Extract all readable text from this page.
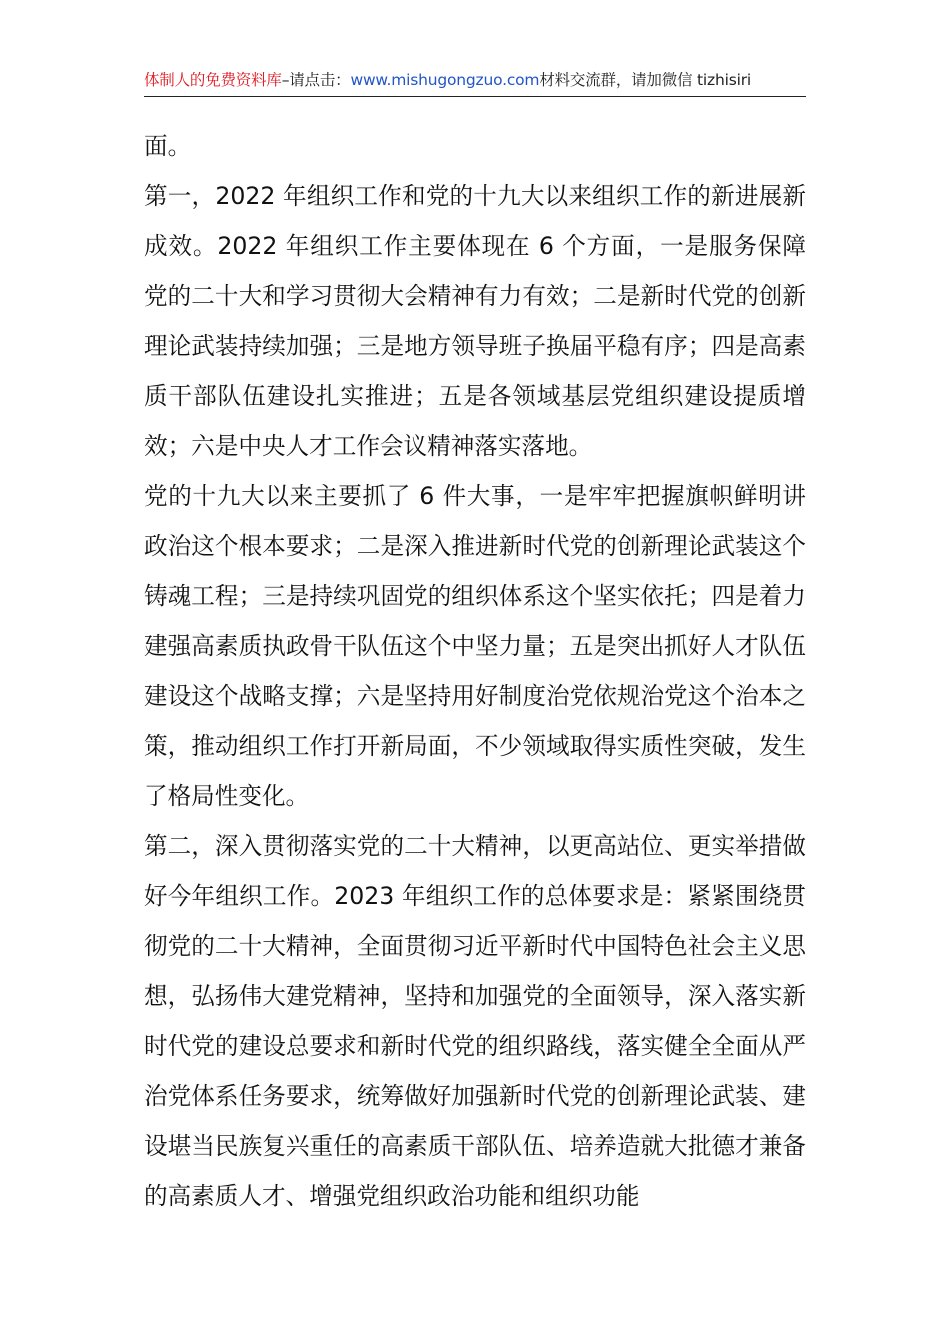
体制人的免费资料库–请点击：www.mishugongzuo.com材料交流群，请加微信 tizhisiri

面。

第一，2022 年组织工作和党的十九大以来组织工作的新进展新成效。2022 年组织工作主要体现在 6 个方面，一是服务保障党的二十大和学习贯彻大会精神有力有效；二是新时代党的创新理论武装持续加强；三是地方领导班子换届平稳有序；四是高素质干部队伍建设扎实推进；五是各领域基层党组织建设提质增效；六是中央人才工作会议精神落实落地。

党的十九大以来主要抓了 6 件大事，一是牢牢把握旗帜鲜明讲政治这个根本要求；二是深入推进新时代党的创新理论武装这个铸魂工程；三是持续巩固党的组织体系这个坚实依托；四是着力建强高素质执政骨干队伍这个中坚力量；五是突出抓好人才队伍建设这个战略支撑；六是坚持用好制度治党依规治党这个治本之策，推动组织工作打开新局面，不少领域取得实质性突破，发生了格局性变化。

第二，深入贯彻落实党的二十大精神，以更高站位、更实举措做好今年组织工作。2023 年组织工作的总体要求是：紧紧围绕贯彻党的二十大精神，全面贯彻习近平新时代中国特色社会主义思想，弘扬伟大建党精神，坚持和加强党的全面领导，深入落实新时代党的建设总要求和新时代党的组织路线，落实健全全面从严治党体系任务要求，统筹做好加强新时代党的创新理论武装、建设堪当民族复兴重任的高素质干部队伍、培养造就大批德才兼备的高素质人才、增强党组织政治功能和组织功能
